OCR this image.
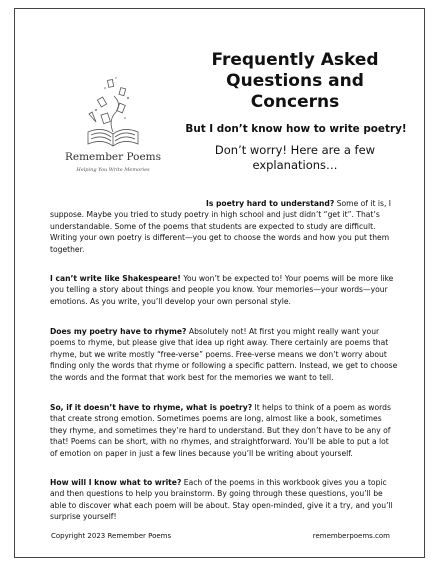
Remember Poems
Helping You Write Memories
Frequently Asked
Questions and
Concerns
But I don’t know how to write poetry!
Don’t worry! Here are a few explanations…

Is poetry hard to understand? Some of it is, I suppose. Maybe you tried to study poetry in high school and just didn’t “get it”. That’s understandable. Some of the poems that students are expected to study are difficult. Writing your own poetry is different—you get to choose the words and how you put them together.

I can’t write like Shakespeare! You won’t be expected to! Your poems will be more like you telling a story about things and people you know. Your memories—your words—your emotions. As you write, you’ll develop your own personal style.

Does my poetry have to rhyme? Absolutely not! At first you might really want your poems to rhyme, but please give that idea up right away. There certainly are poems that rhyme, but we write mostly “free-verse” poems. Free-verse means we don’t worry about finding only the words that rhyme or following a specific pattern. Instead, we get to choose the words and the format that work best for the memories we want to tell.

So, if it doesn’t have to rhyme, what is poetry? It helps to think of a poem as words that create strong emotion. Sometimes poems are long, almost like a book, sometimes they rhyme, and sometimes they’re hard to understand. But they don’t have to be any of that! Poems can be short, with no rhymes, and straightforward. You’ll be able to put a lot of emotion on paper in just a few lines because you’ll be writing about yourself.

How will I know what to write? Each of the poems in this workbook gives you a topic and then questions to help you brainstorm. By going through these questions, you’ll be able to discover what each poem will be about. Stay open-minded, give it a try, and you’ll surprise yourself!

Copyright 2023 Remember Poems	rememberpoems.com
